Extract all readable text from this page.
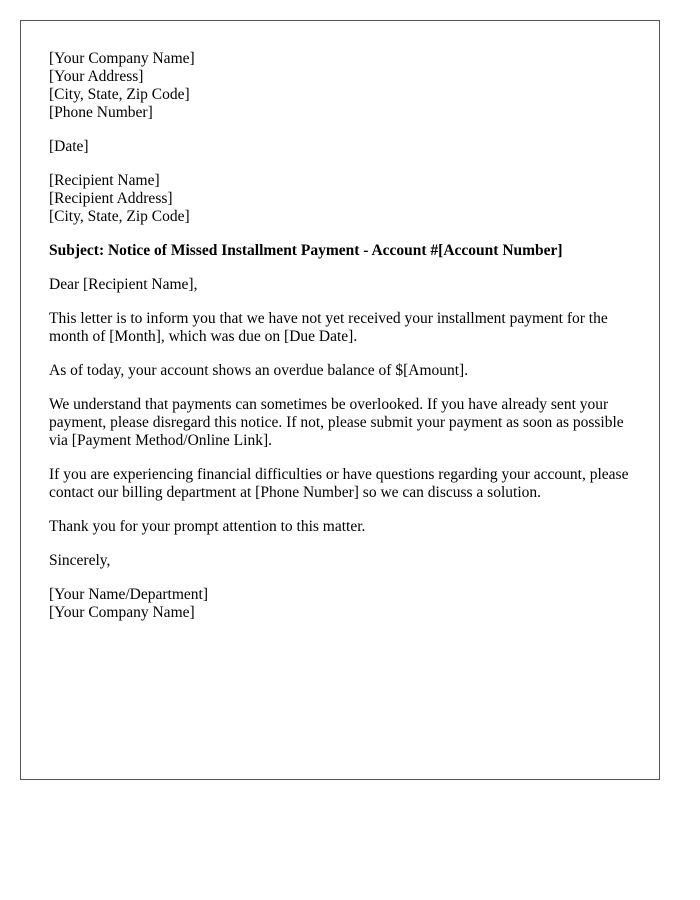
[Your Company Name]
[Your Address]
[City, State, Zip Code]
[Phone Number]
[Date]
[Recipient Name]
[Recipient Address]
[City, State, Zip Code]

Subject: Notice of Missed Installment Payment - Account #[Account Number]

Dear [Recipient Name],

This letter is to inform you that we have not yet received your installment payment for the month of [Month], which was due on [Due Date].

As of today, your account shows an overdue balance of $[Amount].

We understand that payments can sometimes be overlooked. If you have already sent your payment, please disregard this notice. If not, please submit your payment as soon as possible via [Payment Method/Online Link].

If you are experiencing financial difficulties or have questions regarding your account, please contact our billing department at [Phone Number] so we can discuss a solution.

Thank you for your prompt attention to this matter.

Sincerely,

[Your Name/Department]
[Your Company Name]
